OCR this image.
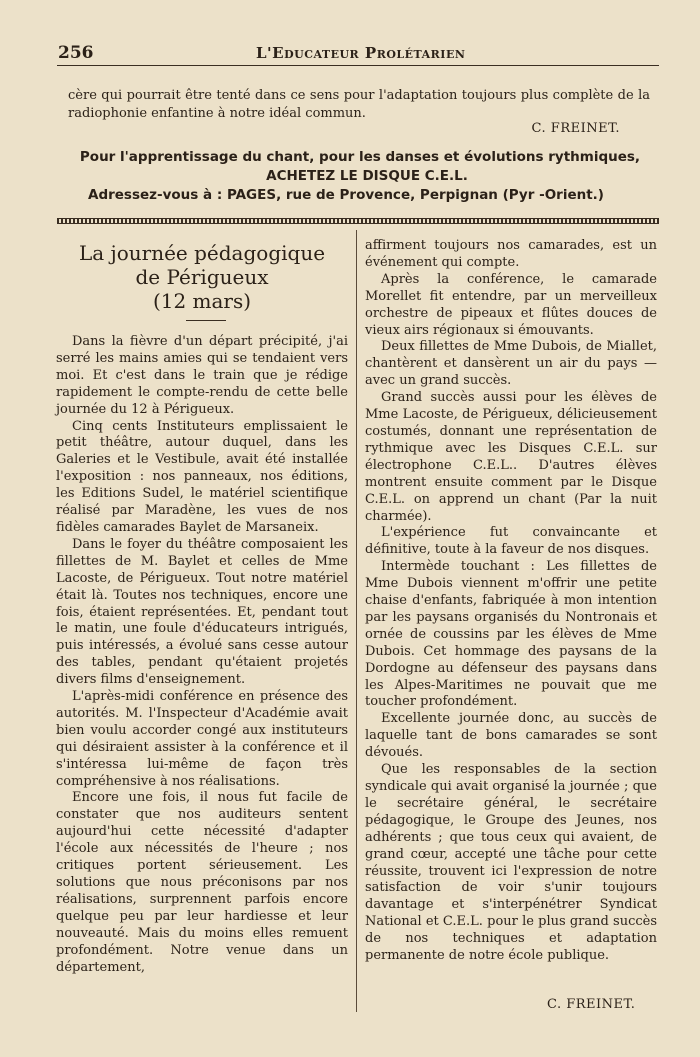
256	L'Educateur Prolétarien

cère qui pourrait être tenté dans ce sens pour l'adaptation toujours plus complète de la radiophonie enfantine à notre idéal commun.

C. FREINET.
Pour l'apprentissage du chant, pour les danses et évolutions rythmiques,
ACHETEZ LE DISQUE C.E.L.
Adressez-vous à : PAGES, rue de Provence, Perpignan (Pyr -Orient.)
La journée pédagogique
de Périgueux
(12 mars)

Dans la fièvre d'un départ précipité, j'ai serré les mains amies qui se tendaient vers moi. Et c'est dans le train que je rédige rapidement le compte-rendu de cette belle journée du 12 à Périgueux.

Cinq cents Instituteurs emplissaient le petit théâtre, autour duquel, dans les Galeries et le Vestibule, avait été installée l'exposition : nos panneaux, nos éditions, les Editions Sudel, le matériel scientifique réalisé par Maradène, les vues de nos fidèles camarades Baylet de Marsaneix.

Dans le foyer du théâtre composaient les fillettes de M. Baylet et celles de Mme Lacoste, de Périgueux. Tout notre matériel était là. Toutes nos techniques, encore une fois, étaient représentées. Et, pendant tout le matin, une foule d'éducateurs intrigués, puis intéressés, a évolué sans cesse autour des tables, pendant qu'étaient projetés divers films d'enseignement.

L'après-midi conférence en présence des autorités. M. l'Inspecteur d'Académie avait bien voulu accorder congé aux instituteurs qui désiraient assister à la conférence et il s'intéressa lui-même de façon très compréhensive à nos réalisations.

Encore une fois, il nous fut facile de constater que nos auditeurs sentent aujourd'hui cette nécessité d'adapter l'école aux nécessités de l'heure ; nos critiques portent sérieusement. Les solutions que nous préconisons par nos réalisations, surprennent parfois encore quelque peu par leur hardiesse et leur nouveauté. Mais du moins elles remuent profondément. Notre venue dans un département,

affirment toujours nos camarades, est un événement qui compte.

Après la conférence, le camarade Morellet fit entendre, par un merveilleux orchestre de pipeaux et flûtes douces de vieux airs régionaux si émouvants.

Deux fillettes de Mme Dubois, de Miallet, chantèrent et dansèrent un air du pays — avec un grand succès.

Grand succès aussi pour les élèves de Mme Lacoste, de Périgueux, délicieusement costumés, donnant une représentation de rythmique avec les Disques C.E.L. sur électrophone C.E.L.. D'autres élèves montrent ensuite comment par le Disque C.E.L. on apprend un chant (Par la nuit charmée).

L'expérience fut convaincante et définitive, toute à la faveur de nos disques.

Intermède touchant : Les fillettes de Mme Dubois viennent m'offrir une petite chaise d'enfants, fabriquée à mon intention par les paysans organisés du Nontronais et ornée de coussins par les élèves de Mme Dubois. Cet hommage des paysans de la Dordogne au défenseur des paysans dans les Alpes-Maritimes ne pouvait que me toucher profondément.

Excellente journée donc, au succès de laquelle tant de bons camarades se sont dévoués.

Que les responsables de la section syndicale qui avait organisé la journée ; que le secrétaire général, le secrétaire pédagogique, le Groupe des Jeunes, nos adhérents ; que tous ceux qui avaient, de grand cœur, accepté une tâche pour cette réussite, trouvent ici l'expression de notre satisfaction de voir s'unir toujours davantage et s'interpénétrer Syndicat National et C.E.L. pour le plus grand succès de nos techniques et adaptation permanente de notre école publique.

C. FREINET.
